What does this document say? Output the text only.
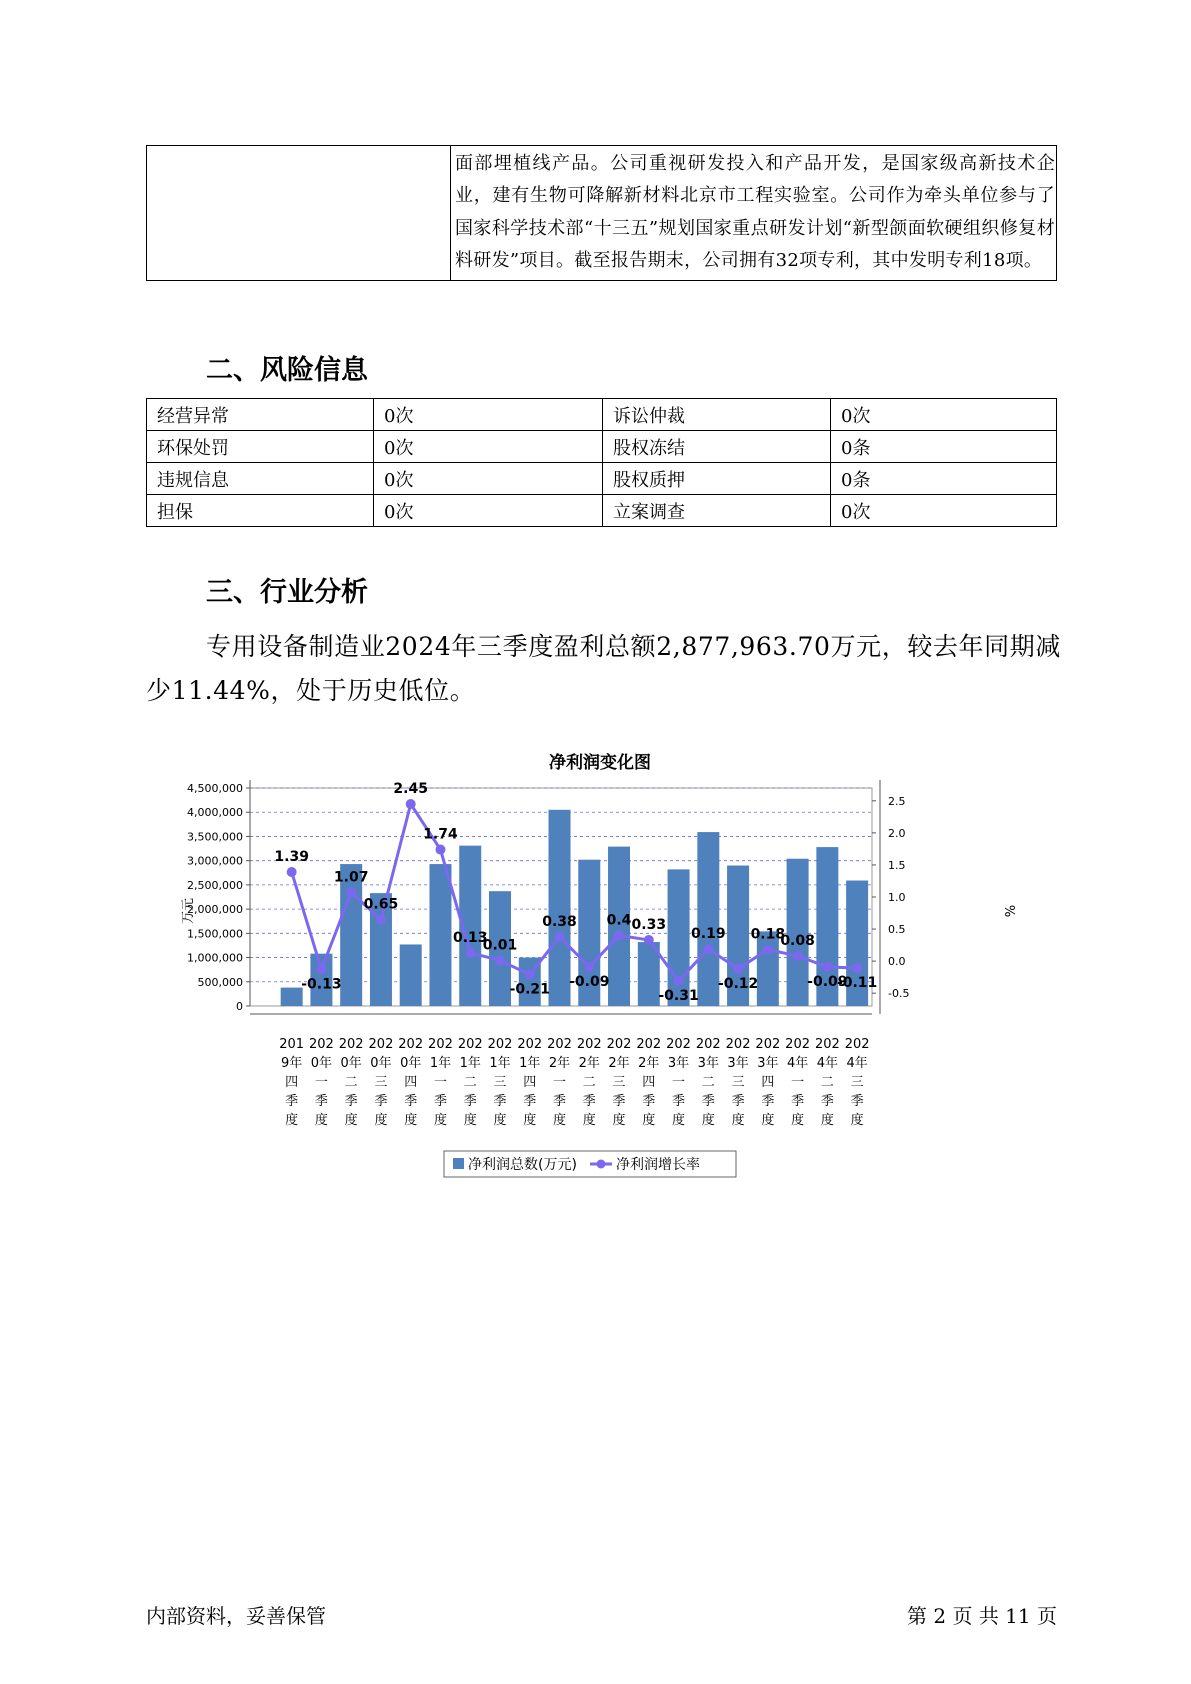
面部埋植线产品。公司重视研发投入和产品开发，是国家级高新技术企业，建有生物可降解新材料北京市工程实验室。公司作为牵头单位参与了国家科学技术部“十三五”规划国家重点研发计划“新型颌面软硬组织修复材料研发”项目。截至报告期末，公司拥有32项专利，其中发明专利18项。
二、风险信息
经营异常	0次	诉讼仲裁	0次
环保处罚	0次	股权冻结	0条
违规信息	0次	股权质押	0条
担保	0次	立案调查	0次
三、行业分析

专用设备制造业2024年三季度盈利总额2,877,963.70万元，较去年同期减少11.44%，处于历史低位。

净利润变化图
万元	%
0
500,000
1,000,000
1,500,000
2,000,000
2,500,000
3,000,000
3,500,000
4,000,000
4,500,000
-0.5
0.0
0.5
1.0
1.5
2.0
2.5
1.39
-0.13
1.07
0.65
2.45
1.74
0.13
0.01
-0.21
0.38
-0.09
0.4 0.33
-0.31
0.19
-0.12
0.18
0.08
-0.09
-0.11
201
9年
四
季
度
202
0年
一
季
度
202
0年
二
季
度
202
0年
三
季
度
202
0年
四
季
度
202
1年
一
季
度
202
1年
二
季
度
202
1年
三
季
度
202
1年
四
季
度
202
2年
一
季
度
202
2年
二
季
度
202
2年
三
季
度
202
2年
四
季
度
202
3年
一
季
度
202
3年
二
季
度
202
3年
三
季
度
202
3年
四
季
度
202
4年
一
季
度
202
4年
二
季
度
202
4年
三
季
度
净利润总数(万元)	净利润增长率
内部资料，妥善保管	第 2 页 共 11 页
